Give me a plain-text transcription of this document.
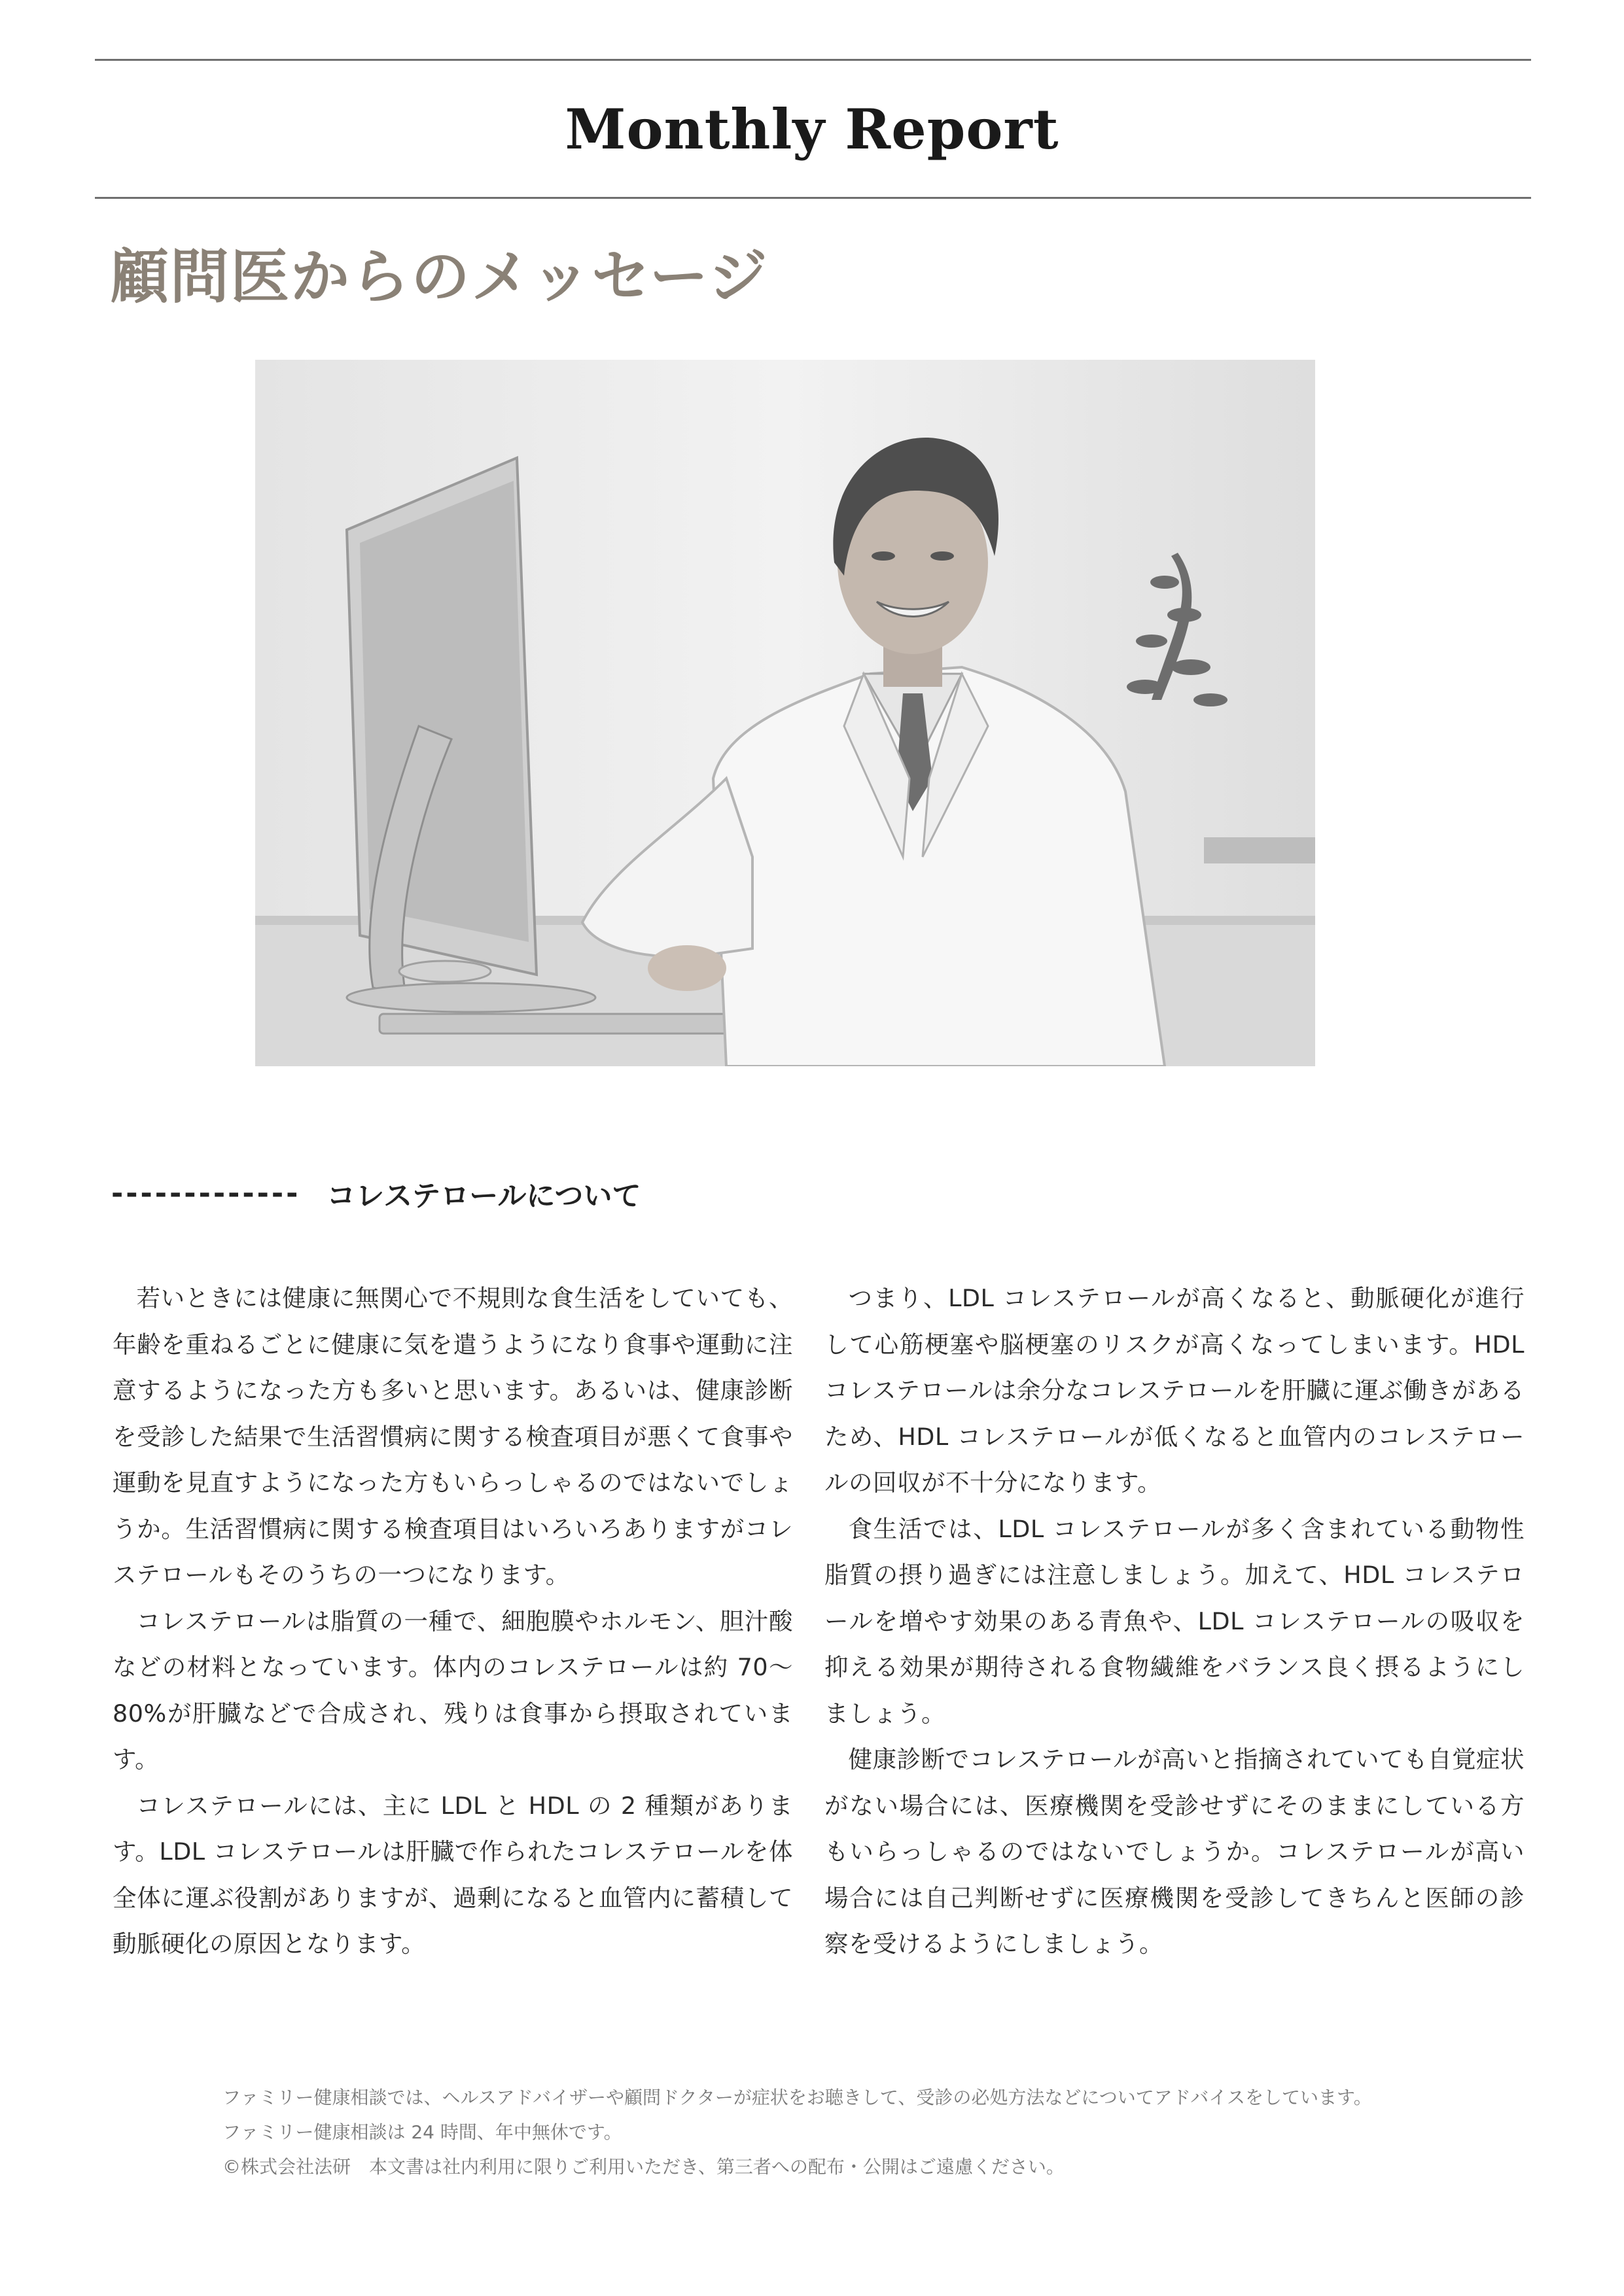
Monthly Report
顧問医からのメッセージ
------------- コレステロールについて

若いときには健康に無関心で不規則な食生活をしていても、年齢を重ねるごとに健康に気を遣うようになり食事や運動に注意するようになった方も多いと思います。あるいは、健康診断を受診した結果で生活習慣病に関する検査項目が悪くて食事や運動を見直すようになった方もいらっしゃるのではないでしょうか。生活習慣病に関する検査項目はいろいろありますがコレステロールもそのうちの一つになります。

コレステロールは脂質の一種で、細胞膜やホルモン、胆汁酸などの材料となっています。体内のコレステロールは約 70～80%が肝臓などで合成され、残りは食事から摂取されています。

コレステロールには、主に LDL と HDL の 2 種類があります。LDL コレステロールは肝臓で作られたコレステロールを体全体に運ぶ役割がありますが、過剰になると血管内に蓄積して動脈硬化の原因となります。

つまり、LDL コレステロールが高くなると、動脈硬化が進行して心筋梗塞や脳梗塞のリスクが高くなってしまいます。HDL コレステロールは余分なコレステロールを肝臓に運ぶ働きがあるため、HDL コレステロールが低くなると血管内のコレステロールの回収が不十分になります。

食生活では、LDL コレステロールが多く含まれている動物性脂質の摂り過ぎには注意しましょう。加えて、HDL コレステロールを増やす効果のある青魚や、LDL コレステロールの吸収を抑える効果が期待される食物繊維をバランス良く摂るようにしましょう。

健康診断でコレステロールが高いと指摘されていても自覚症状がない場合には、医療機関を受診せずにそのままにしている方もいらっしゃるのではないでしょうか。コレステロールが高い場合には自己判断せずに医療機関を受診してきちんと医師の診察を受けるようにしましょう。

ファミリー健康相談では、ヘルスアドバイザーや顧問ドクターが症状をお聴きして、受診の必処方法などについてアドバイスをしています。
ファミリー健康相談は 24 時間、年中無休です。
©株式会社法研　本文書は社内利用に限りご利用いただき、第三者への配布・公開はご遠慮ください。
